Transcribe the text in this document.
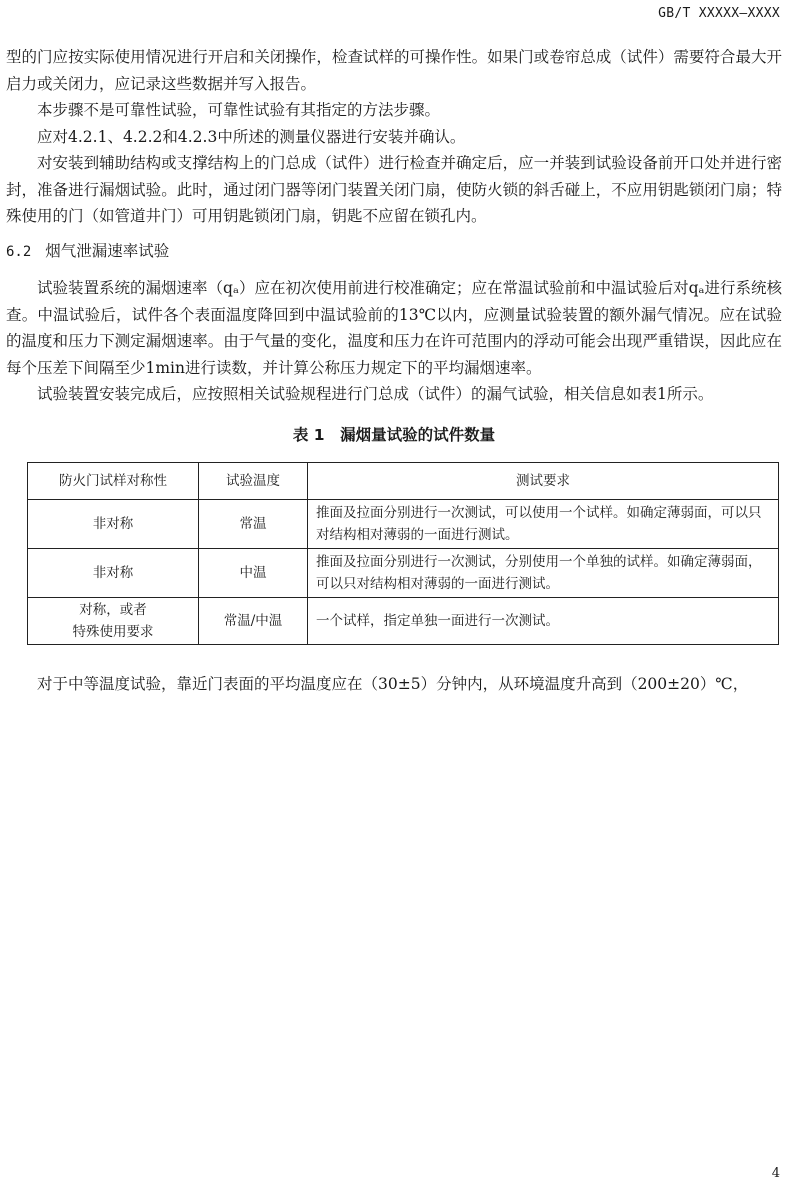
GB/T XXXXX—XXXX

型的门应按实际使用情况进行开启和关闭操作，检查试样的可操作性。如果门或卷帘总成（试件）需要符合最大开启力或关闭力，应记录这些数据并写入报告。

本步骤不是可靠性试验，可靠性试验有其指定的方法步骤。

应对4.2.1、4.2.2和4.2.3中所述的测量仪器进行安装并确认。

对安装到辅助结构或支撑结构上的门总成（试件）进行检查并确定后，应一并装到试验设备前开口处并进行密封，准备进行漏烟试验。此时，通过闭门器等闭门装置关闭门扇，使防火锁的斜舌碰上，不应用钥匙锁闭门扇；特殊使用的门（如管道井门）可用钥匙锁闭门扇，钥匙不应留在锁孔内。

6.2 烟气泄漏速率试验

试验装置系统的漏烟速率（qₐ）应在初次使用前进行校准确定；应在常温试验前和中温试验后对qₐ进行系统核查。中温试验后，试件各个表面温度降回到中温试验前的13℃以内，应测量试验装置的额外漏气情况。应在试验的温度和压力下测定漏烟速率。由于气量的变化，温度和压力在许可范围内的浮动可能会出现严重错误，因此应在每个压差下间隔至少1min进行读数，并计算公称压力规定下的平均漏烟速率。

试验装置安装完成后，应按照相关试验规程进行门总成（试件）的漏气试验，相关信息如表1所示。

表 1　漏烟量试验的试件数量

防火门试样对称性	试验温度	测试要求
非对称	常温	推面及拉面分别进行一次测试，可以使用一个试样。如确定薄弱面，可以只对结构相对薄弱的一面进行测试。
非对称	中温	推面及拉面分别进行一次测试，分别使用一个单独的试样。如确定薄弱面，可以只对结构相对薄弱的一面进行测试。

对称，或者
特殊使用要求	常温/中温	一个试样，指定单独一面进行一次测试。

对于中等温度试验，靠近门表面的平均温度应在（30±5）分钟内，从环境温度升高到（200±20）℃，

4
